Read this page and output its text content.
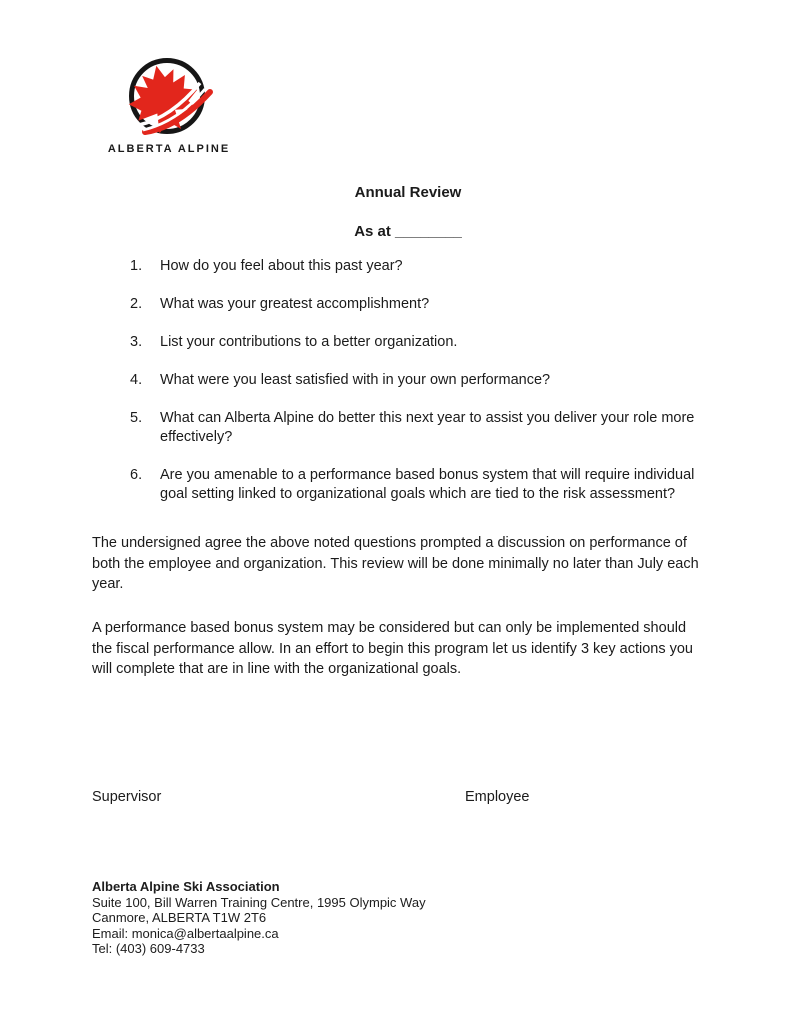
ALBERTA ALPINE
Annual Review
As at ________
1.	How do you feel about this past year?
2.	What was your greatest accomplishment?
3.	List your contributions to a better organization.
4.	What were you least satisfied with in your own performance?
5.	What can Alberta Alpine do better this next year to assist you deliver your role more effectively?
6.	Are you amenable to a performance based bonus system that will require individual goal setting linked to organizational goals which are tied to the risk assessment?
The undersigned agree the above noted questions prompted a discussion on performance of both the employee and organization. This review will be done minimally no later than July each year.
A performance based bonus system may be considered but can only be implemented should the fiscal performance allow. In an effort to begin this program let us identify 3 key actions you will complete that are in line with the organizational goals.
Supervisor	Employee
Alberta Alpine Ski Association
Suite 100, Bill Warren Training Centre, 1995 Olympic Way
Canmore, ALBERTA T1W 2T6
Email: monica@albertaalpine.ca
Tel: (403) 609-4733
